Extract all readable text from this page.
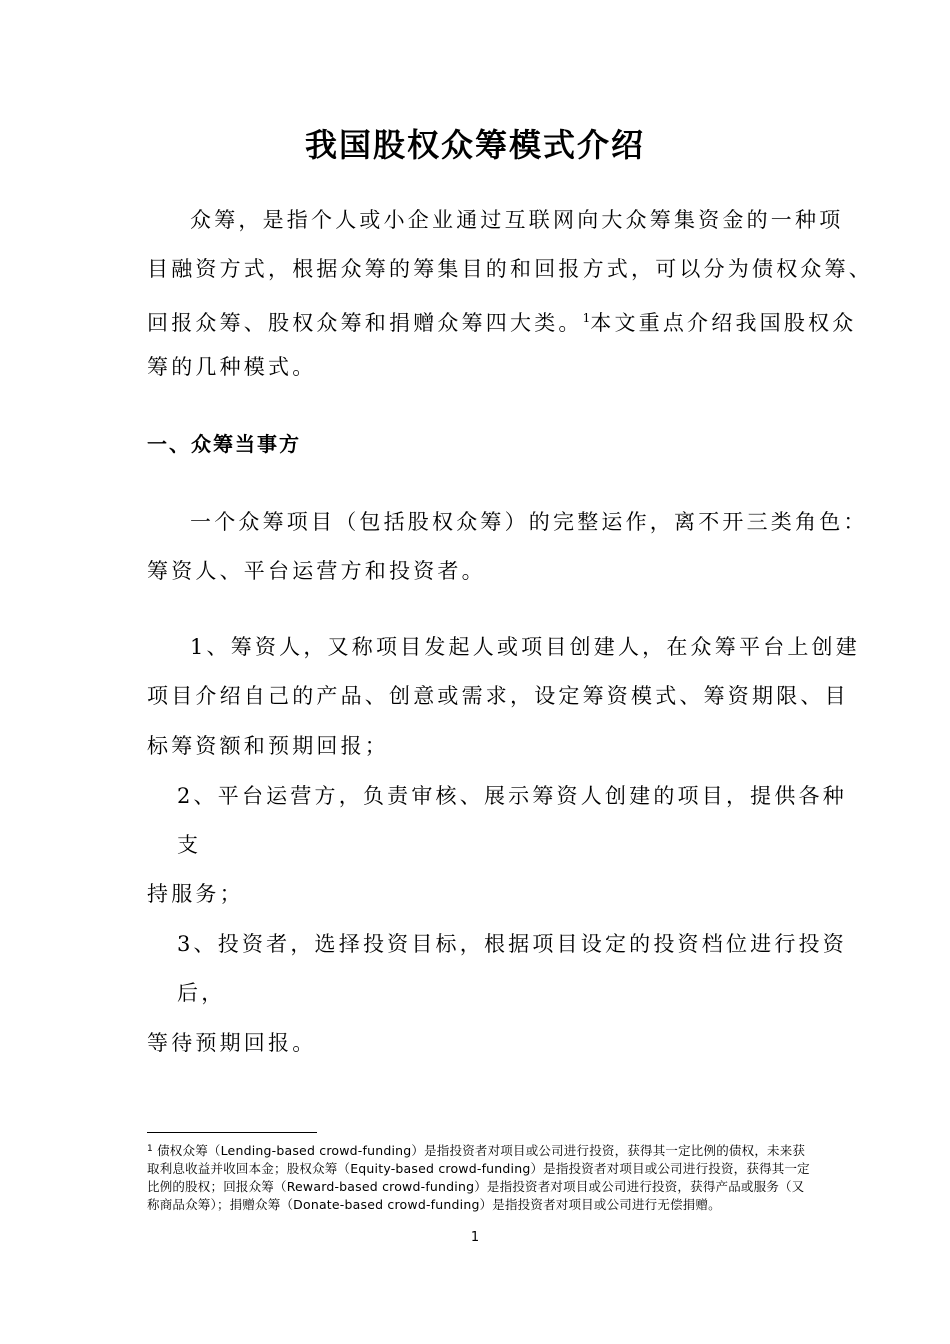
我国股权众筹模式介绍
众筹，是指个人或小企业通过互联网向大众筹集资金的一种项
目融资方式，根据众筹的筹集目的和回报方式，可以分为债权众筹、
回报众筹、股权众筹和捐赠众筹四大类。$^1$本文重点介绍我国股权众
筹的几种模式。
一、众筹当事方
一个众筹项目（包括股权众筹）的完整运作，离不开三类角色：
筹资人、平台运营方和投资者。
1、筹资人，又称项目发起人或项目创建人，在众筹平台上创建
项目介绍自己的产品、创意或需求，设定筹资模式、筹资期限、目
标筹资额和预期回报；
2、平台运营方，负责审核、展示筹资人创建的项目，提供各种
支
持服务；
3、投资者，选择投资目标，根据项目设定的投资档位进行投资
后，
等待预期回报。
$^1$ 债权众筹（Lending-based crowd-funding）是指投资者对项目或公司进行投资，获得其一定比例的债权，未来获取利息收益并收回本金；股权众筹（Equity-based crowd-funding）是指投资者对项目或公司进行投资，获得其一定比例的股权；回报众筹（Reward-based crowd-funding）是指投资者对项目或公司进行投资，获得产品或服务（又称商品众筹）；捐赠众筹（Donate-based crowd-funding）是指投资者对项目或公司进行无偿捐赠。
1
